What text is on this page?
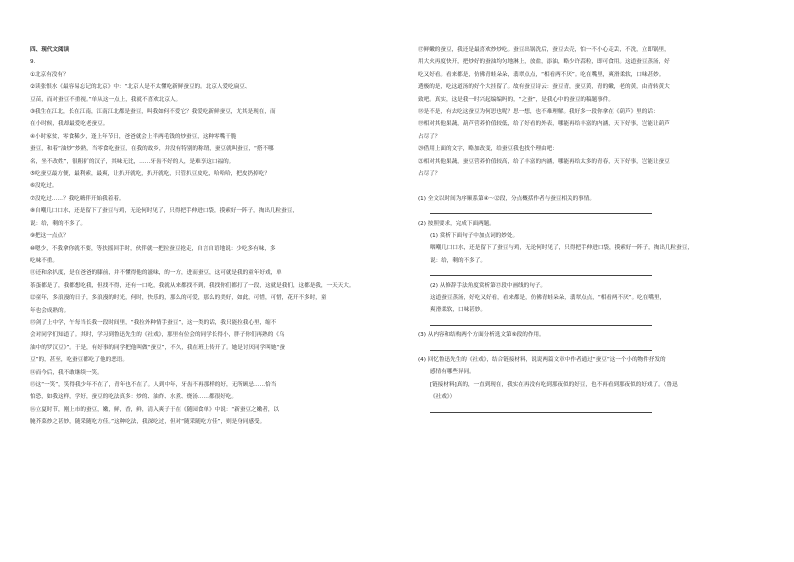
四、现代文阅读
9.
①北京有没有？
②读张恨水《最容易忘记的北京》中：“北京人是不太懂吃新鲜蚕豆的。北京人爱吃扁豆、
豆苗，而对蚕豆不重视。”单从这一点上，我就不喜欢北京人。
③我生在江北，长在江南，江南江北都是蚕豆，叫我如何不爱它？我爱吃新鲜蚕豆，尤其是现在，而
在小时候，我却最爱吃老蚕豆。
④小时家贫，零食稀少，逢上年节日，爸爸就会上半两毛钱的炒蚕豆，这种零嘴干脆
蚕豆，和着“油炒”炒熟，当零食吃蚕豆，在我的故乡，并没有特别的称谓，蚕豆就叫蚕豆，“搭不哪
名，坐不改姓”，很粗犷的汉子，其味无比，……牙齿不好的人，是难享这口福的。
⑤吃蚕豆最方便，最利索，最爽，让扒开就吃，扒开就吃，只管扒豆皮吃，哈哈哈，把皮扔掉吃？
⑥没吃过。
⑦没吃过……？我吃嗨伴开始我着着。
⑧自嘲几口口水，还是留下了蚕豆与鸡，无论何时见了，只得把手伸进口袋，摸索好一阵子，掏出几粒蚕豆，
说：给，剩的不多了。
⑨把这一点点？
⑩嗯少，不我拿你就不要，等扶摇回手时，伙伴就一把拉蚕豆抢走，自言自语地说：少吃多有味，多
吃味不重。
⑪还和余扒度，是在爸爸的膝前，并不懂得他的滋味，的一方，进而蚕豆，这可就是我的童年好戏，单
茶蛋都是了，我都想吃我，但找不得，还有一口吃，我就从来都找不到，我找你们都打了一段，这就是我们，这都是我，一天天大。
⑫童年，多浪漫的日子，多浪漫的时光，何时，快乐的，那么的可爱，那么的美好，如此，可惜，可惜，花开不多时，童
年也会成熟的。
⑬剑了上中学，午每当长我一段时间里，“我拉外种情手蚕豆”，这一类的话，我只能拉我心里，缩不
会对同学们知道了。其时，学习到鲁迅先生的《社戏》，那里有位会的同学长得小，胖子你们再熟的《乌
油中的罗汉豆》”。于是，有好事的同学把他叫做“蚕豆”，不久，我在班上传开了。她是讨厌同学叫她“蚕
豆”的，甚至，吃蚕豆都吃了他的恶语。
⑭而今后，我不敢继续一笑。
⑮这“一笑”，笑得我少年不在了，青年也不在了。人到中年，牙齿不再那样的好，无所顾忌……恰当
怕恐，如我这样，学好，蚕豆的吃法真多：炒的、油炸、水煮、烧汤……都很好吃。
⑯立夏时节，刚上市的蚕豆，嫩，鲜，香，鲜，清入爽子于在《随园食单》中说：“新蚕豆之嫩者，以
腌芥菜炒之甚妙，随采随吃方佳。”这种吃法，我深吃过，但对“随采随吃方佳”，则是身同感受。
⑰鲜嫩的蚕豆，我还是最喜欢炒炒吃。蚕豆出锅洗后，蚕豆去壳，怕一不小心走丢，不洗，立即锅里，
用大火再度快开，把炒好的蚕油均匀地淋上，放盐，添油，略少许蒜粒，即可食用。这道蚕豆蒸汤，好
吃又好看。看来都是，仿佛青蛙朵朵，翡翠点点，“相看两不厌”。吃在嘴里，爽滑柔软，口味甚妙。
透极的是，吃这道汤的好个大挂留了。故有蚕豆诗云：蚕豆青，蚕豆黄，青的嫩，老的黄，由青转黄大
致吧。真实，这是我一时兴起编编吗的，“之蚕”，是我心中的蚕豆的稿题事件。
⑱是不是，有去吃这蚕豆为何思也呢？思一想，也不难理解。我好多一段你拿在《葫芦》里的话：
⑲相对其他果蔬，葫芦营养价值较低，给了好看的外表，哪能再给丰富的内涵，天下好事，岂能让葫芦
占尽了？
⑳借用上面的文字，略加改变，给蚕豆我也找个理由吧：
㉑相对其他果蔬，蚕豆营养价值较高，给了丰富的内涵，哪能再给太多的青春，天下好事，岂能让蚕豆
占尽了？
(1) 全文以时间为序顺系第④～⑫段，分点概括作者与蚕豆相关的事情。
(2) 按照要求，完成下面两题。
(1) 赏析下面句子中加点词的妙处。
咽嘲几口口水，还是留下了蚕豆与鸡，无论何时见了，只得把手伸进口袋，摸索好一阵子，掏出几粒蚕豆，
说：给，剩的不多了。
(2) 从修辞手法角度赏析第⑰段中画线的句子。
这道蚕豆蒸汤，好吃又好看，看来都是，仿佛青蛙朵朵，翡翠点点，“相看两不厌”。吃在嘴里，
爽滑柔软，口味甚妙。
(3) 从内容和结构两个方面分析选文第⑨段的作用。
(4) 回忆鲁迅先生的《社戏》，结合链接材料，说说两篇文章中作者通过“蚕豆”这一个小的物件抒发的
感情有哪些异同。
[链接材料]真的，一直到现在，我实在再没有吃到那夜似的好豆，也不再看到那夜似的好戏了。（鲁迅
《社戏》）
